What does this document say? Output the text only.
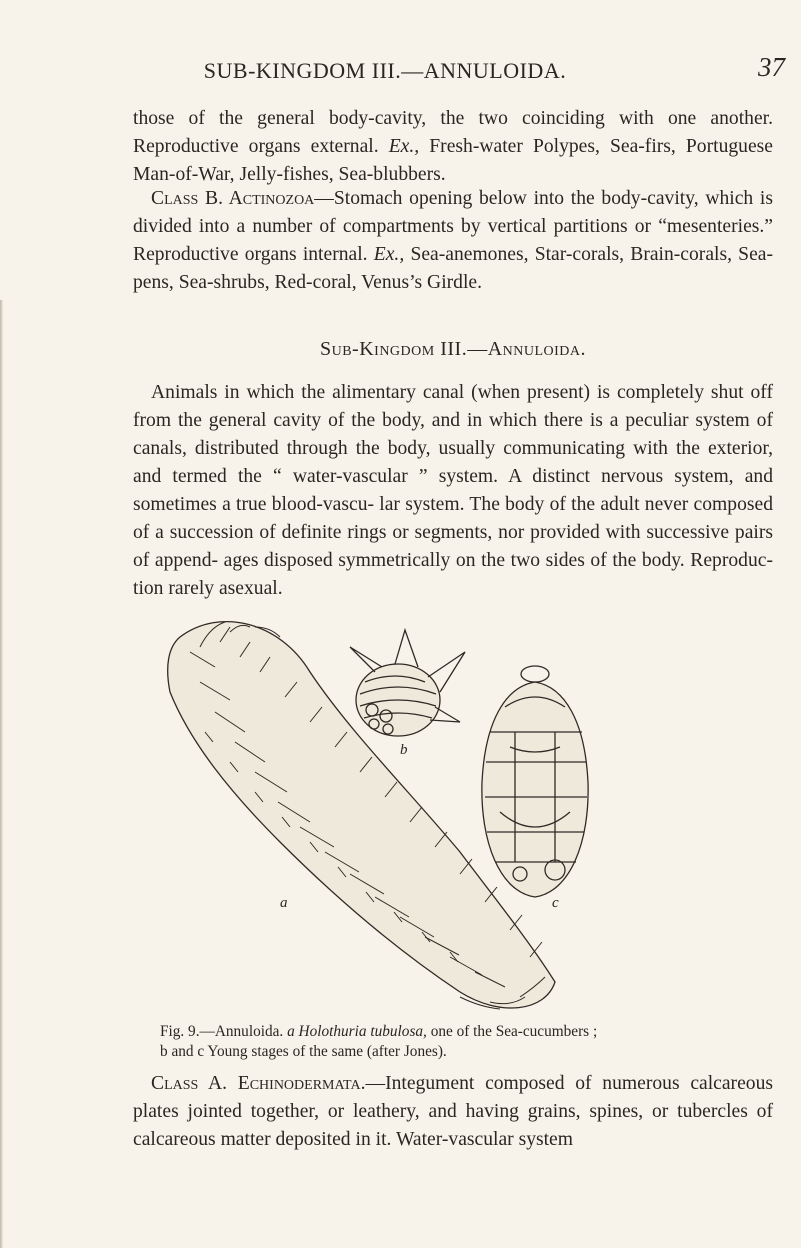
SUB-KINGDOM III.—ANNULOIDA.	37

those of the general body-cavity, the two coinciding with one another. Reproductive organs external. Ex., Fresh-water Polypes, Sea-firs, Portuguese Man-of-War, Jelly-fishes, Sea-blubbers.

Class B. Actinozoa—Stomach opening below into the body-cavity, which is divided into a number of compartments by vertical partitions or “mesenteries.” Reproductive organs internal. Ex., Sea-anemones, Star-corals, Brain-corals, Sea-pens, Sea-shrubs, Red-coral, Venus’s Girdle.

Sub-Kingdom III.—Annuloida.

Animals in which the alimentary canal (when present) is completely shut off from the general cavity of the body, and in which there is a peculiar system of canals, distributed through the body, usually communicating with the exterior, and termed the “ water-vascular ” system. A distinct nervous system, and sometimes a true blood-vascu- lar system. The body of the adult never composed of a succession of definite rings or segments, nor provided with successive pairs of append- ages disposed symmetrically on the two sides of the body. Reproduc- tion rarely asexual.

a
b
c

Fig. 9.—Annuloida. a Holothuria tubulosa, one of the Sea-cucumbers ;
b and c Young stages of the same (after Jones).

Class A. Echinodermata.—Integument composed of numerous calcareous plates jointed together, or leathery, and having grains, spines, or tubercles of calcareous matter deposited in it. Water-vascular system
